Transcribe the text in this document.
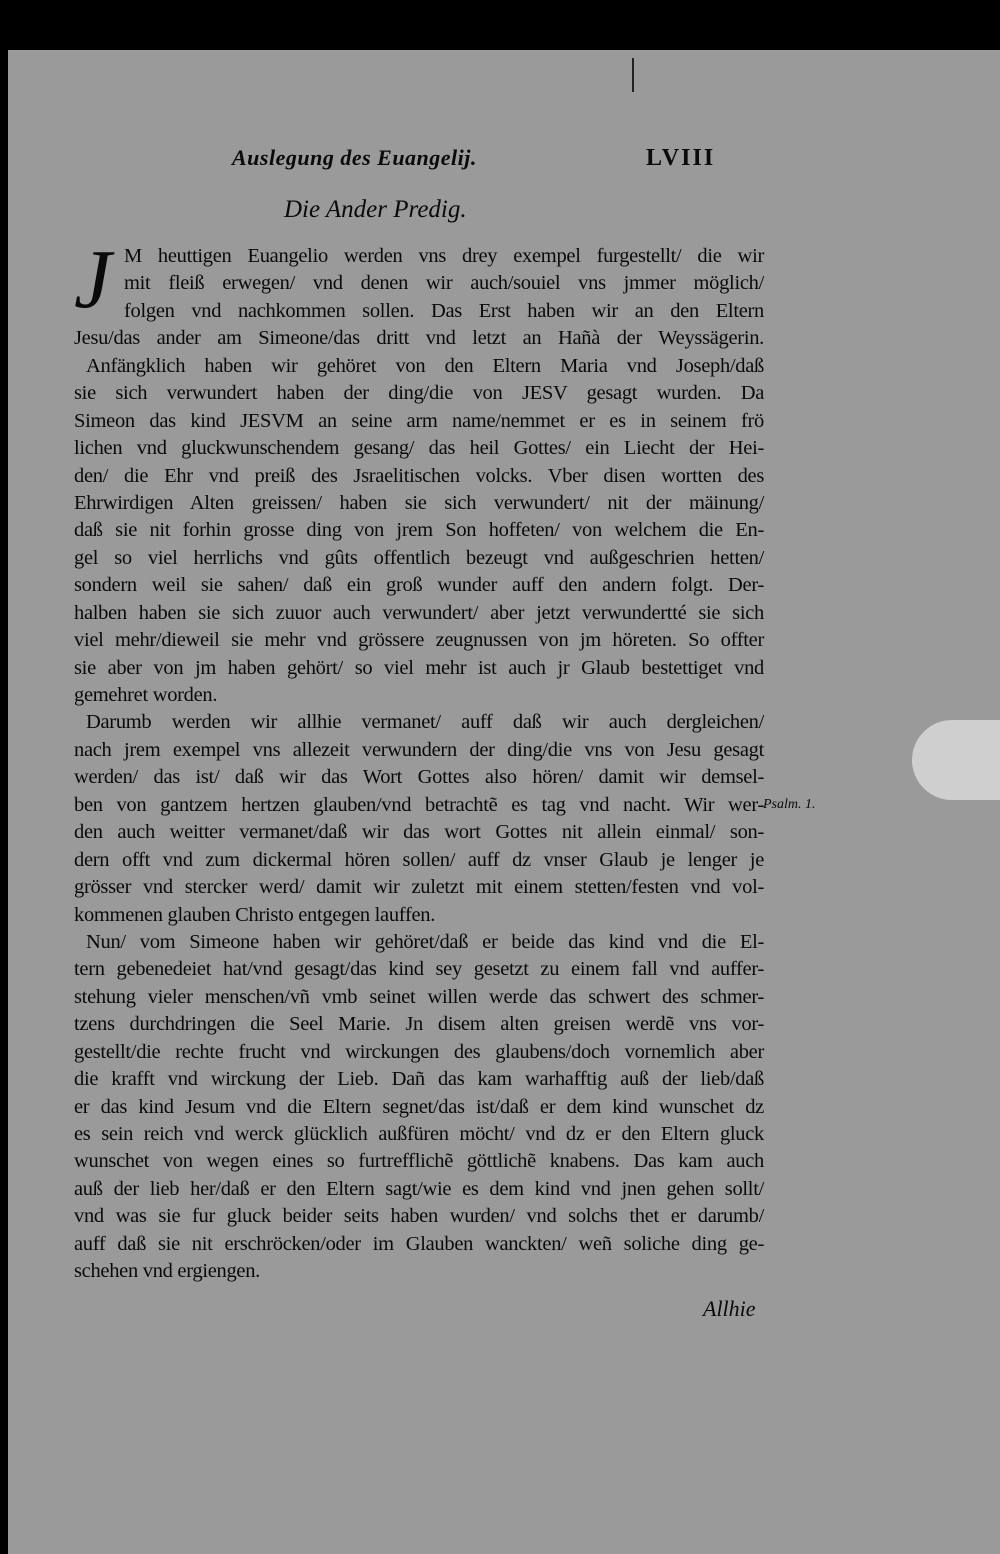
Auslegung des Euangelij.	LVIII
Die Ander Predig.
J M heuttigen Euangelio werden vns drey exempel furgestellt/ die wir
mit fleiß erwegen/ vnd denen wir auch/souiel vns jmmer möglich/
folgen vnd nachkommen sollen. Das Erst haben wir an den Eltern
Jesu/das ander am Simeone/das dritt vnd letzt an Hañà der Weyssägerin.
Anfängklich haben wir gehöret von den Eltern Maria vnd Joseph/daß
sie sich verwundert haben der ding/die von JESV gesagt wurden. Da
Simeon das kind JESVM an seine arm name/nemmet er es in seinem frö
lichen vnd gluckwunschendem gesang/ das heil Gottes/ ein Liecht der Hei-
den/ die Ehr vnd preiß des Jsraelitischen volcks. Vber disen wortten des
Ehrwirdigen Alten greissen/ haben sie sich verwundert/ nit der mäinung/
daß sie nit forhin grosse ding von jrem Son hoffeten/ von welchem die En-
gel so viel herrlichs vnd gûts offentlich bezeugt vnd außgeschrien hetten/
sondern weil sie sahen/ daß ein groß wunder auff den andern folgt. Der-
halben haben sie sich zuuor auch verwundert/ aber jetzt verwundertté sie sich
viel mehr/dieweil sie mehr vnd grössere zeugnussen von jm höreten. So offter
sie aber von jm haben gehört/ so viel mehr ist auch jr Glaub bestettiget vnd
gemehret worden.
Darumb werden wir allhie vermanet/ auff daß wir auch dergleichen/
nach jrem exempel vns allezeit verwundern der ding/die vns von Jesu gesagt
werden/ das ist/ daß wir das Wort Gottes also hören/ damit wir demsel-
ben von gantzem hertzen glauben/vnd betrachtẽ es tag vnd nacht. Wir wer-
den auch weitter vermanet/daß wir das wort Gottes nit allein einmal/ son-
dern offt vnd zum dickermal hören sollen/ auff dz vnser Glaub je lenger je
grösser vnd stercker werd/ damit wir zuletzt mit einem stetten/festen vnd vol-
kommenen glauben Christo entgegen lauffen.
Nun/ vom Simeone haben wir gehöret/daß er beide das kind vnd die El-
tern gebenedeiet hat/vnd gesagt/das kind sey gesetzt zu einem fall vnd auffer-
stehung vieler menschen/vñ vmb seinet willen werde das schwert des schmer-
tzens durchdringen die Seel Marie. Jn disem alten greisen werdẽ vns vor-
gestellt/die rechte frucht vnd wirckungen des glaubens/doch vornemlich aber
die krafft vnd wirckung der Lieb. Dañ das kam warhafftig auß der lieb/daß
er das kind Jesum vnd die Eltern segnet/das ist/daß er dem kind wunschet dz
es sein reich vnd werck glücklich außfüren möcht/ vnd dz er den Eltern gluck
wunschet von wegen eines so furtrefflichẽ göttlichẽ knabens. Das kam auch
auß der lieb her/daß er den Eltern sagt/wie es dem kind vnd jnen gehen sollt/
vnd was sie fur gluck beider seits haben wurden/ vnd solchs thet er darumb/
auff daß sie nit erschröcken/oder im Glauben wanckten/ weñ soliche ding ge-
schehen vnd ergiengen.
Psalm. 1.
Allhie
